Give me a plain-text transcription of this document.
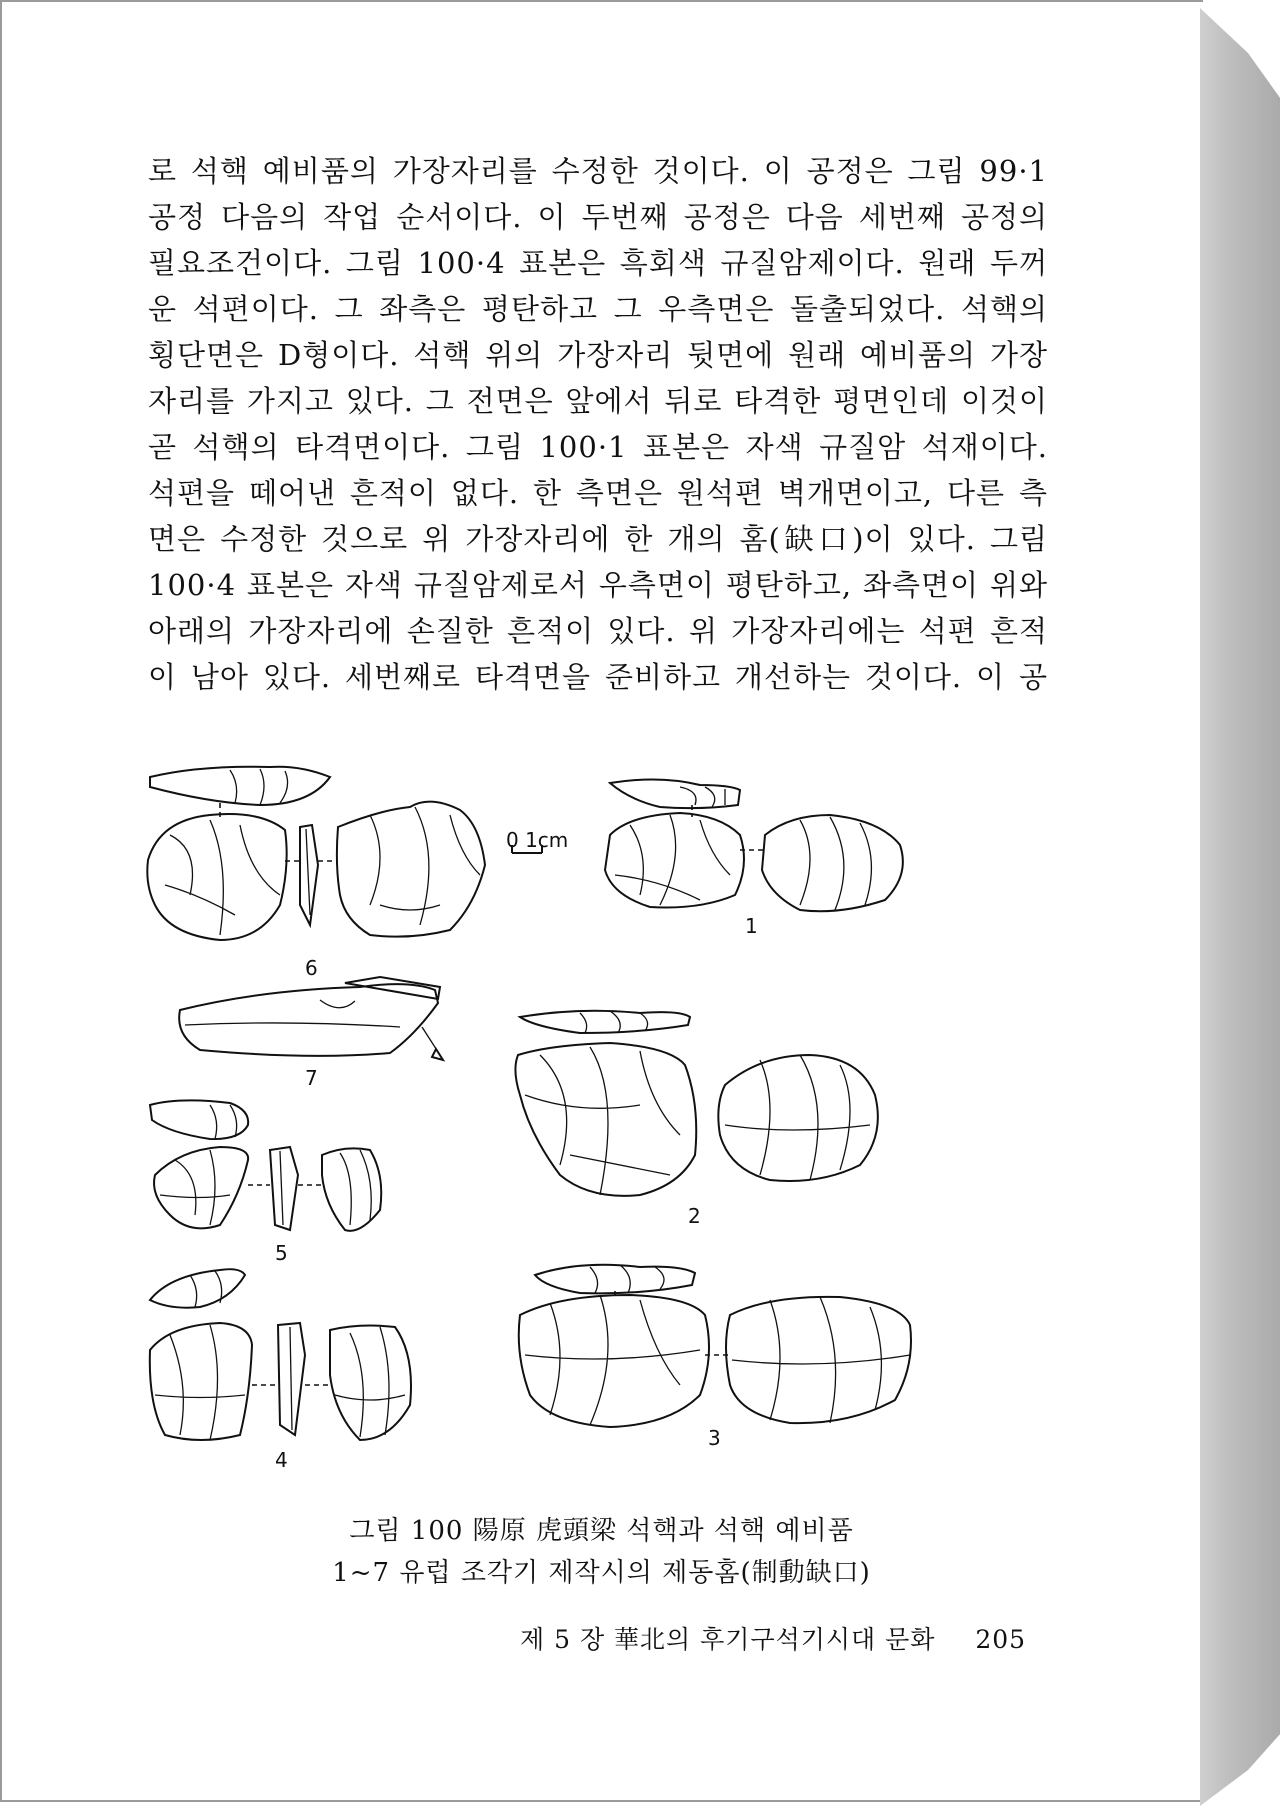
로 석핵 예비품의 가장자리를 수정한 것이다. 이 공정은 그림 99·1
공정 다음의 작업 순서이다. 이 두번째 공정은 다음 세번째 공정의
필요조건이다. 그림 100·4 표본은 흑회색 규질암제이다. 원래 두꺼
운 석편이다. 그 좌측은 평탄하고 그 우측면은 돌출되었다. 석핵의
횡단면은 D형이다. 석핵 위의 가장자리 뒷면에 원래 예비품의 가장
자리를 가지고 있다. 그 전면은 앞에서 뒤로 타격한 평면인데 이것이
곧 석핵의 타격면이다. 그림 100·1 표본은 자색 규질암 석재이다.
석편을 떼어낸 흔적이 없다. 한 측면은 원석편 벽개면이고, 다른 측
면은 수정한 것으로 위 가장자리에 한 개의 홈(缺口)이 있다. 그림
100·4 표본은 자색 규질암제로서 우측면이 평탄하고, 좌측면이 위와
아래의 가장자리에 손질한 흔적이 있다. 위 가장자리에는 석편 흔적
이 남아 있다. 세번째로 타격면을 준비하고 개선하는 것이다. 이 공
6
0 1cm
1
7
5
2
4
3
그림 100 陽原 虎頭梁 석핵과 석핵 예비품
1~7 유럽 조각기 제작시의 제동홈(制動缺口)
제 5 장 華北의 후기구석기시대 문화 205
